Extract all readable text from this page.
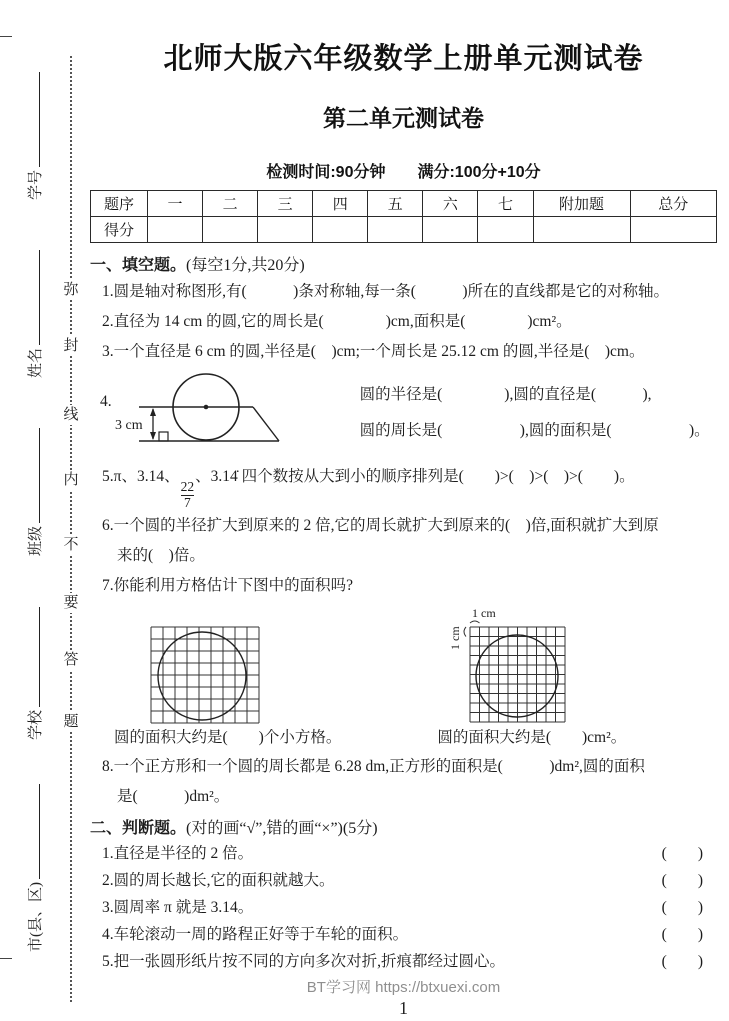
学号
姓名
班级
学校
市(县、区)
弥
封
线
内
不
要
答
题
北师大版六年级数学上册单元测试卷
第二单元测试卷
检测时间:90分钟　　满分:100分+10分
题序	一	二	三	四	五	六	七	附加题	总分
得分									
一、填空题。(每空1分,共20分)

1.圆是轴对称图形,有(　　　)条对称轴,每一条(　　　)所在的直线都是它的对称轴。

2.直径为 14 cm 的圆,它的周长是(　　　　)cm,面积是(　　　　)cm²。

3.一个直径是 6 cm 的圆,半径是(　)cm;一个周长是 25.12 cm 的圆,半径是(　)cm。

4.
3 cm
圆的半径是(　　　　),圆的直径是(　　　),
圆的周长是(　　　　　),圆的面积是(　　　　　)。
5.π、3.14、
$\frac{22}{7}$
、3.14̇ 四个数按从大到小的顺序排列是(　　)>(　)>(　)>(　　)。

6.一个圆的半径扩大到原来的 2 倍,它的周长就扩大到原来的(　)倍,面积就扩大到原

来的(　)倍。

7.你能利用方格估计下图中的面积吗?

1 cm
1 cm
圆的面积大约是(　　)个小方格。	圆的面积大约是(　　)cm²。

8.一个正方形和一个圆的周长都是 6.28 dm,正方形的面积是(　　　)dm²,圆的面积

是(　　　)dm²。

二、判断题。(对的画“√”,错的画“×”)(5分)
1.直径是半径的 2 倍。	(　　)
2.圆的周长越长,它的面积就越大。	(　　)
3.圆周率 π 就是 3.14。	(　　)
4.车轮滚动一周的路程正好等于车轮的面积。	(　　)
5.把一张圆形纸片按不同的方向多次对折,折痕都经过圆心。	(　　)
BT学习网 https://btxuexi.com
1
